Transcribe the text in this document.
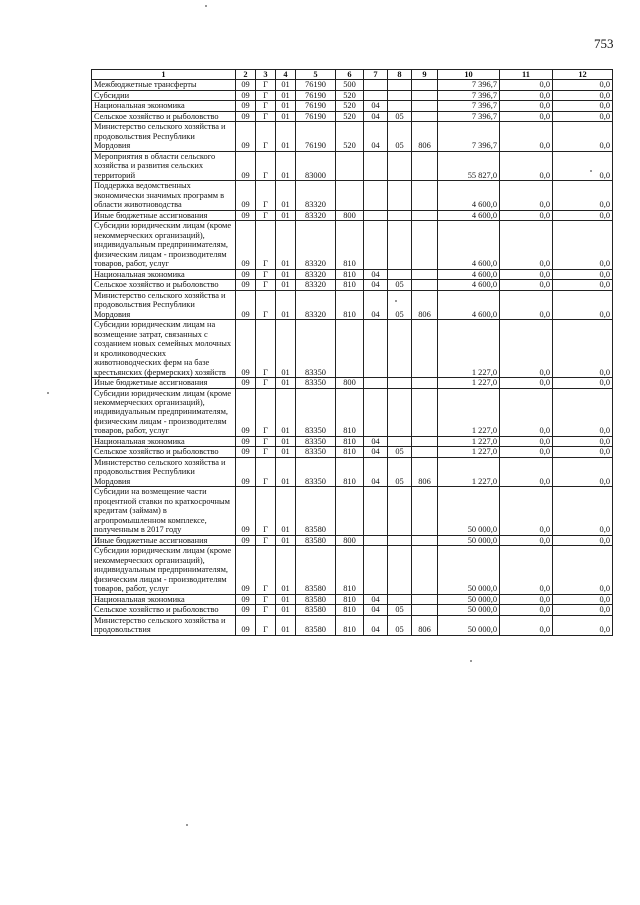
753
1	2	3	4	5	6	7	8	9	10	11	12
Межбюджетные трансферты	09	Г	01	76190	500				7 396,7	0,0	0,0
Субсидии	09	Г	01	76190	520				7 396,7	0,0	0,0
Национальная экономика	09	Г	01	76190	520	04			7 396,7	0,0	0,0
Сельское хозяйство и рыболовство	09	Г	01	76190	520	04	05		7 396,7	0,0	0,0
Министерство сельского хозяйства и продовольствия Республики Мордовия	09	Г	01	76190	520	04	05	806	7 396,7	0,0	0,0
Мероприятия в области сельского хозяйства и развития сельских территорий	09	Г	01	83000					55 827,0	0,0	0,0
Поддержка ведомственных экономически значимых программ в области животноводства	09	Г	01	83320					4 600,0	0,0	0,0
Иные бюджетные ассигнования	09	Г	01	83320	800				4 600,0	0,0	0,0
Субсидии юридическим лицам (кроме некоммерческих организаций), индивидуальным предпринимателям, физическим лицам - производителям товаров, работ, услуг	09	Г	01	83320	810				4 600,0	0,0	0,0
Национальная экономика	09	Г	01	83320	810	04			4 600,0	0,0	0,0
Сельское хозяйство и рыболовство	09	Г	01	83320	810	04	05		4 600,0	0,0	0,0
Министерство сельского хозяйства и продовольствия Республики Мордовия	09	Г	01	83320	810	04	05	806	4 600,0	0,0	0,0
Субсидии юридическим лицам на возмещение затрат, связанных с созданием новых семейных молочных и кролиководческих животноводческих ферм на базе крестьянских (фермерских) хозяйств	09	Г	01	83350					1 227,0	0,0	0,0
Иные бюджетные ассигнования	09	Г	01	83350	800				1 227,0	0,0	0,0
Субсидии юридическим лицам (кроме некоммерческих организаций), индивидуальным предпринимателям, физическим лицам - производителям товаров, работ, услуг	09	Г	01	83350	810				1 227,0	0,0	0,0
Национальная экономика	09	Г	01	83350	810	04			1 227,0	0,0	0,0
Сельское хозяйство и рыболовство	09	Г	01	83350	810	04	05		1 227,0	0,0	0,0
Министерство сельского хозяйства и продовольствия Республики Мордовия	09	Г	01	83350	810	04	05	806	1 227,0	0,0	0,0
Субсидии на возмещение части процентной ставки по краткосрочным кредитам (займам) в агропромышленном комплексе, полученным в 2017 году	09	Г	01	83580					50 000,0	0,0	0,0
Иные бюджетные ассигнования	09	Г	01	83580	800				50 000,0	0,0	0,0
Субсидии юридическим лицам (кроме некоммерческих организаций), индивидуальным предпринимателям, физическим лицам - производителям товаров, работ, услуг	09	Г	01	83580	810				50 000,0	0,0	0,0
Национальная экономика	09	Г	01	83580	810	04			50 000,0	0,0	0,0
Сельское хозяйство и рыболовство	09	Г	01	83580	810	04	05		50 000,0	0,0	0,0
Министерство сельского хозяйства и продовольствия	09	Г	01	83580	810	04	05	806	50 000,0	0,0	0,0
